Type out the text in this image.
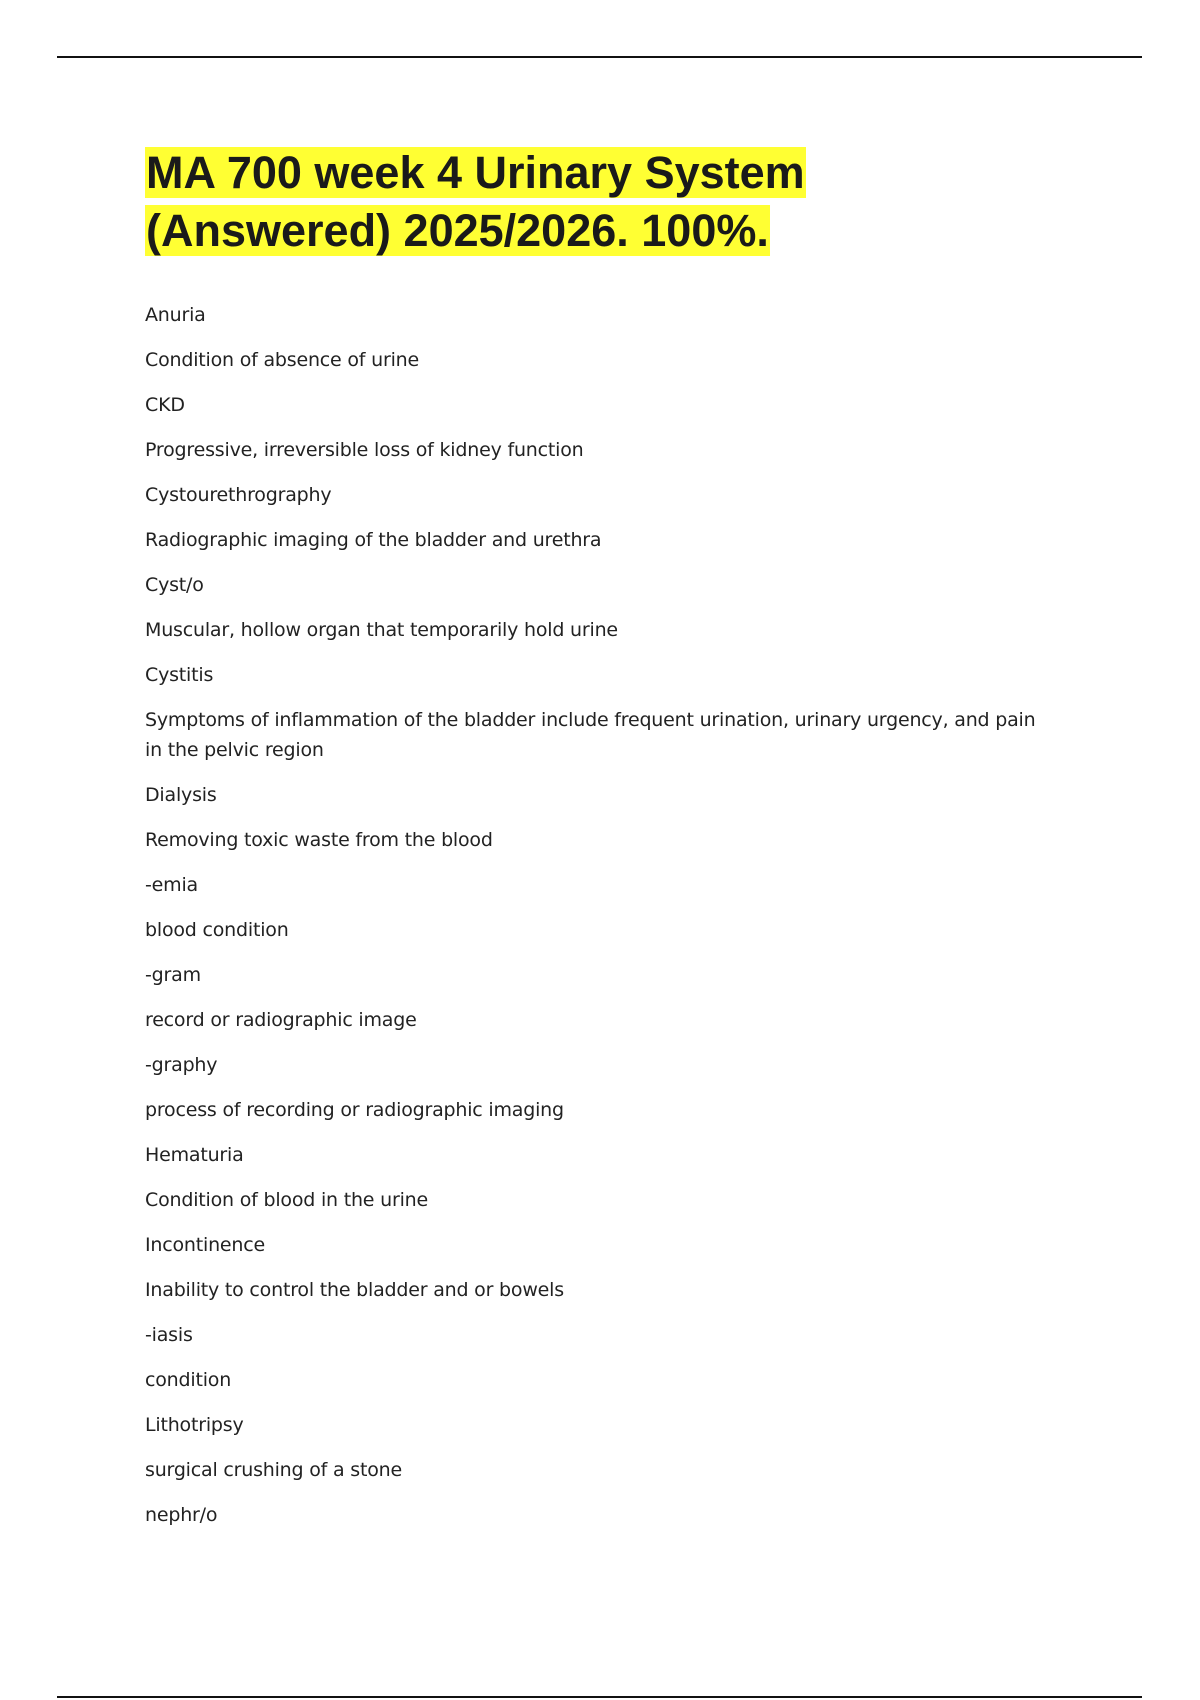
MA 700 week 4 Urinary System
(Answered) 2025/2026. 100%.

Anuria

Condition of absence of urine

CKD

Progressive, irreversible loss of kidney function

Cystourethrography

Radiographic imaging of the bladder and urethra

Cyst/o

Muscular, hollow organ that temporarily hold urine

Cystitis

Symptoms of inflammation of the bladder include frequent urination, urinary urgency, and pain in the pelvic region

Dialysis

Removing toxic waste from the blood

-emia

blood condition

-gram

record or radiographic image

-graphy

process of recording or radiographic imaging

Hematuria

Condition of blood in the urine

Incontinence

Inability to control the bladder and or bowels

-iasis

condition

Lithotripsy

surgical crushing of a stone

nephr/o
